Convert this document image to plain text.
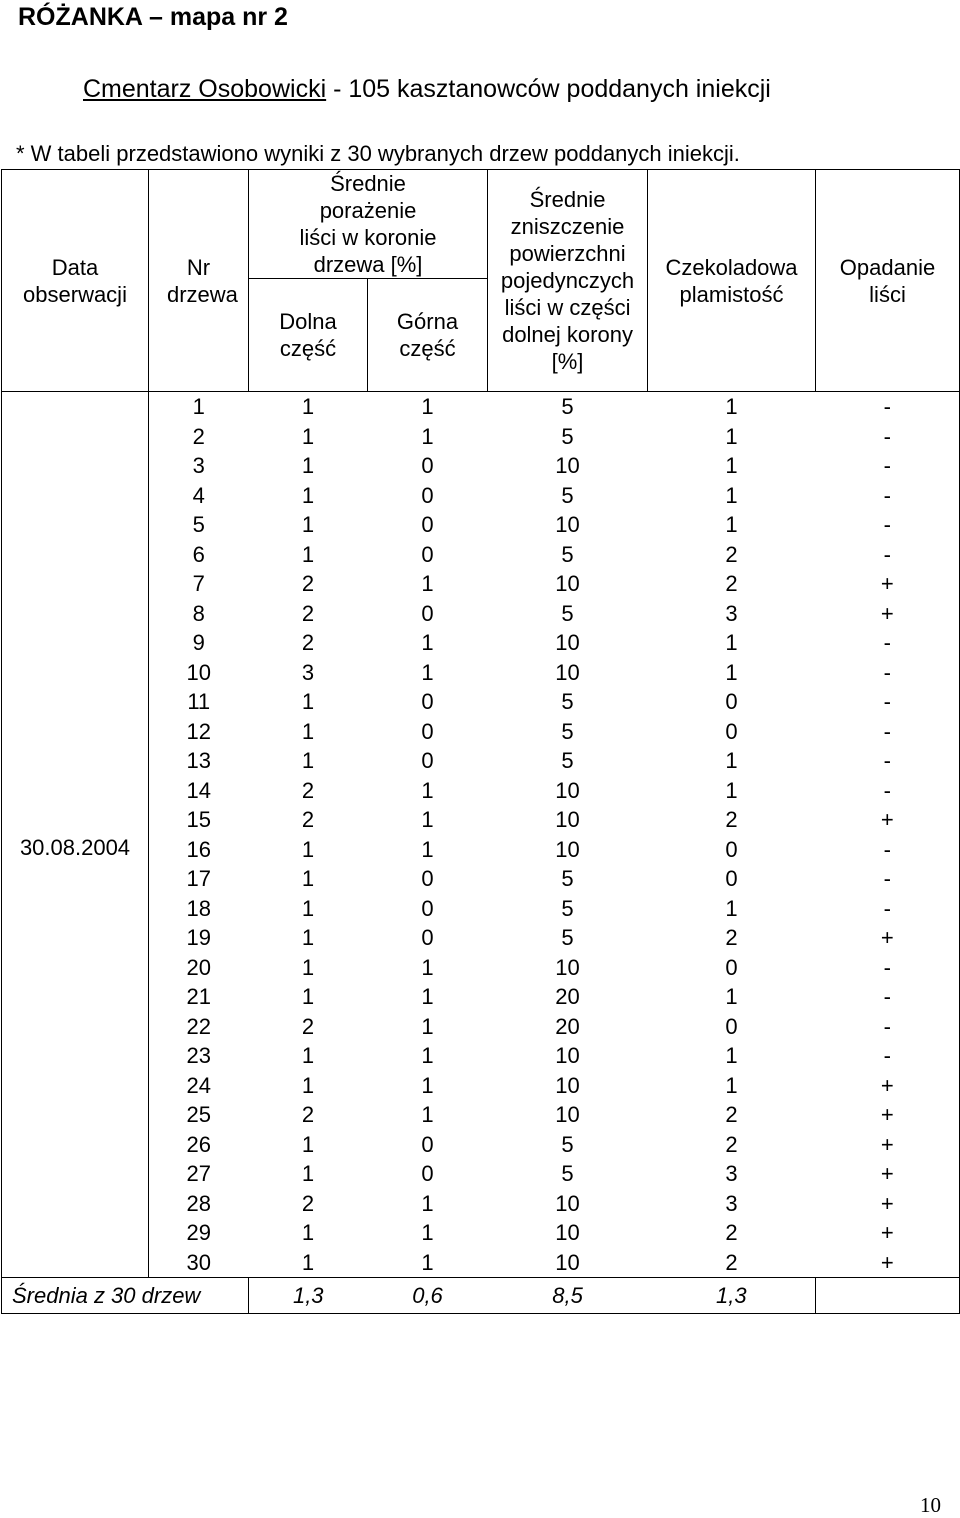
RÓŻANKA – mapa nr 2
Cmentarz Osobowicki - 105 kasztanowców poddanych iniekcji
* W tabeli przedstawiono wyniki z 30 wybranych drzew poddanych iniekcji.
Data obserwacji	Nr drzewa	Średnie porażenie liści w koronie drzewa [%]		Średnie zniszczenie powierzchni pojedynczych liści w części dolnej korony [%]	Czekoladowa plamistość	Opadanie liści
		Dolna część	Górna część			
30.08.2004	1	1	1	5	1	-
	2	1	1	5	1	-
	3	1	0	10	1	-
	4	1	0	5	1	-
	5	1	0	10	1	-
	6	1	0	5	2	-
	7	2	1	10	2	+
	8	2	0	5	3	+
	9	2	1	10	1	-
	10	3	1	10	1	-
	11	1	0	5	0	-
	12	1	0	5	0	-
	13	1	0	5	1	-
	14	2	1	10	1	-
	15	2	1	10	2	+
	16	1	1	10	0	-
	17	1	0	5	0	-
	18	1	0	5	1	-
	19	1	0	5	2	+
	20	1	1	10	0	-
	21	1	1	20	1	-
	22	2	1	20	0	-
	23	1	1	10	1	-
	24	1	1	10	1	+
	25	2	1	10	2	+
	26	1	0	5	2	+
	27	1	0	5	3	+
	28	2	1	10	3	+
	29	1	1	10	2	+
	30	1	1	10	2	+
Średnia z 30 drzew		1,3	0,6	8,5	1,3	
10
